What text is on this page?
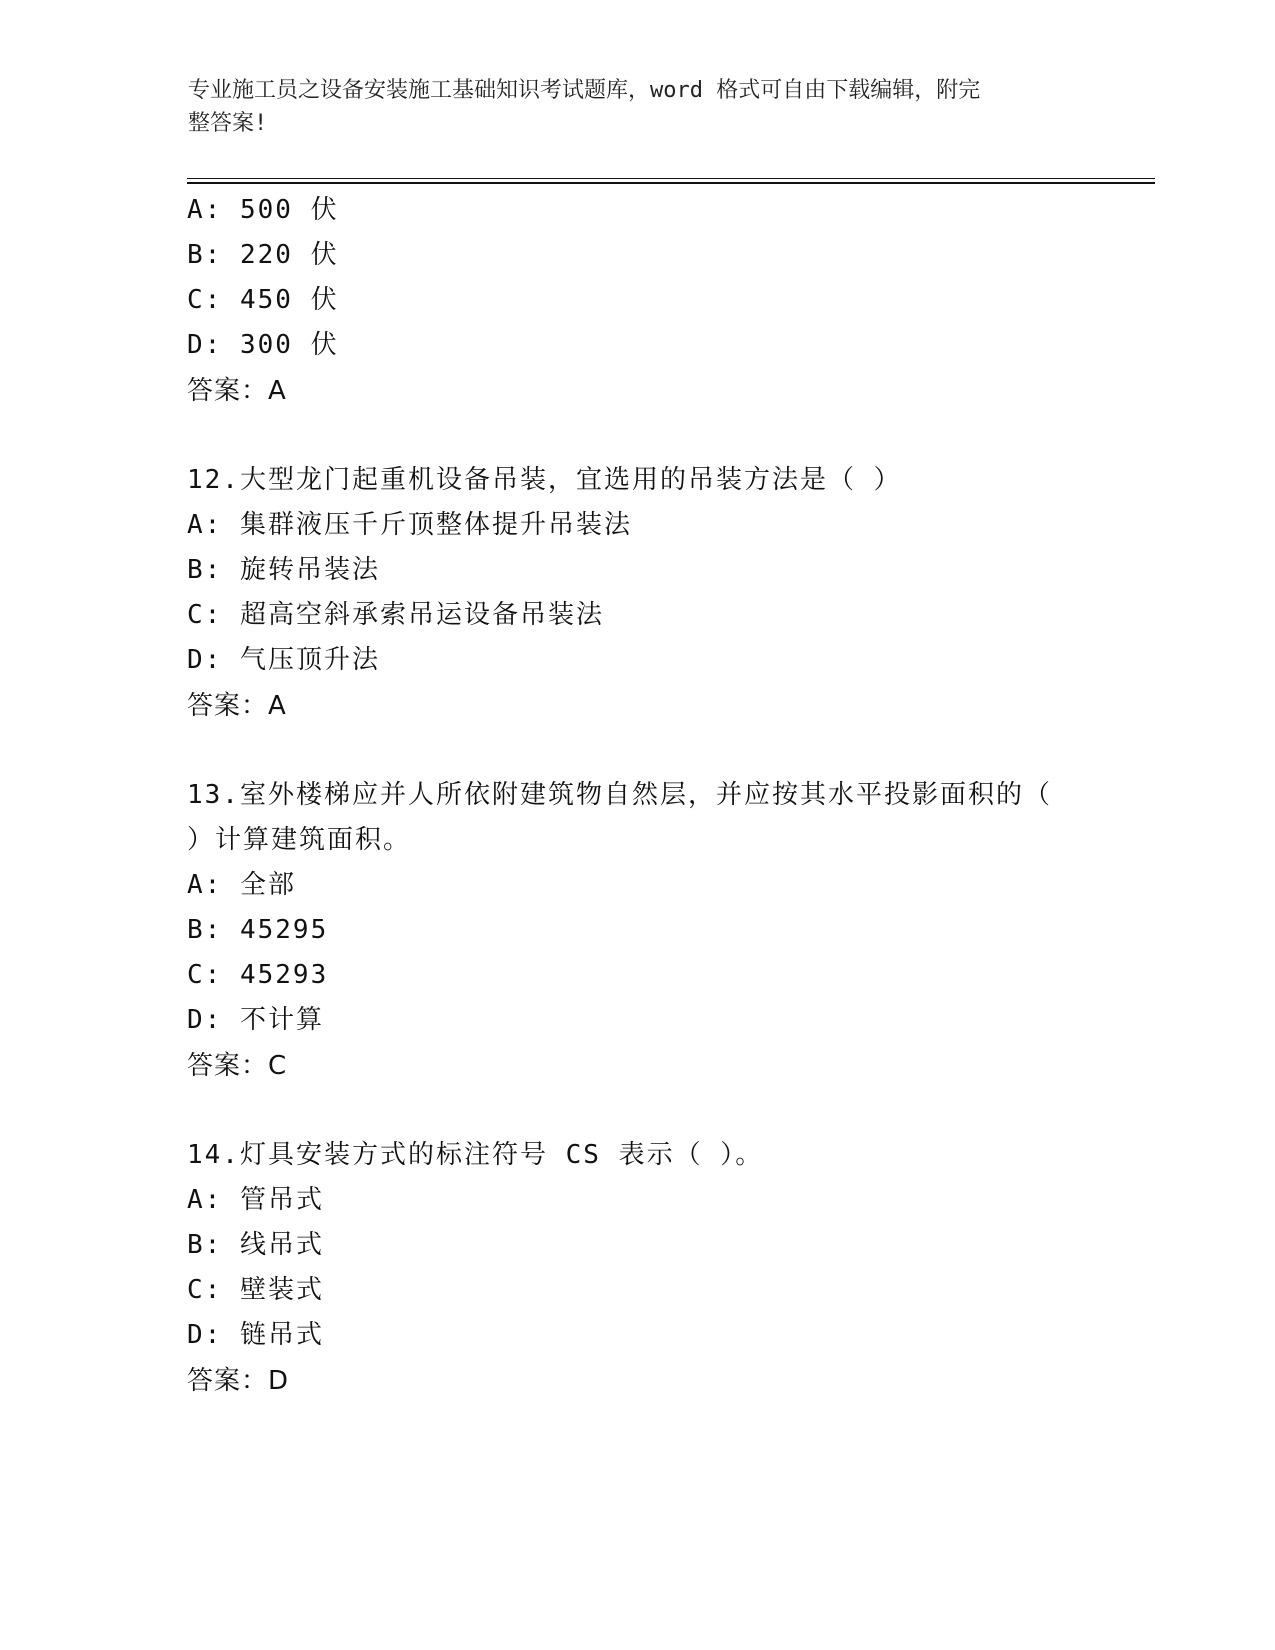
专业施工员之设备安装施工基础知识考试题库，word 格式可自由下载编辑，附完
整答案!
A: 500 伏
B: 220 伏
C: 450 伏
D: 300 伏
答案：A
12.大型龙门起重机设备吊装，宜选用的吊装方法是（ ）
A: 集群液压千斤顶整体提升吊装法
B: 旋转吊装法
C: 超高空斜承索吊运设备吊装法
D: 气压顶升法
答案：A
13.室外楼梯应并人所依附建筑物自然层，并应按其水平投影面积的（
）计算建筑面积。
A: 全部
B: 45295
C: 45293
D: 不计算
答案：C
14.灯具安装方式的标注符号 CS 表示（ ）。
A: 管吊式
B: 线吊式
C: 壁装式
D: 链吊式
答案：D
